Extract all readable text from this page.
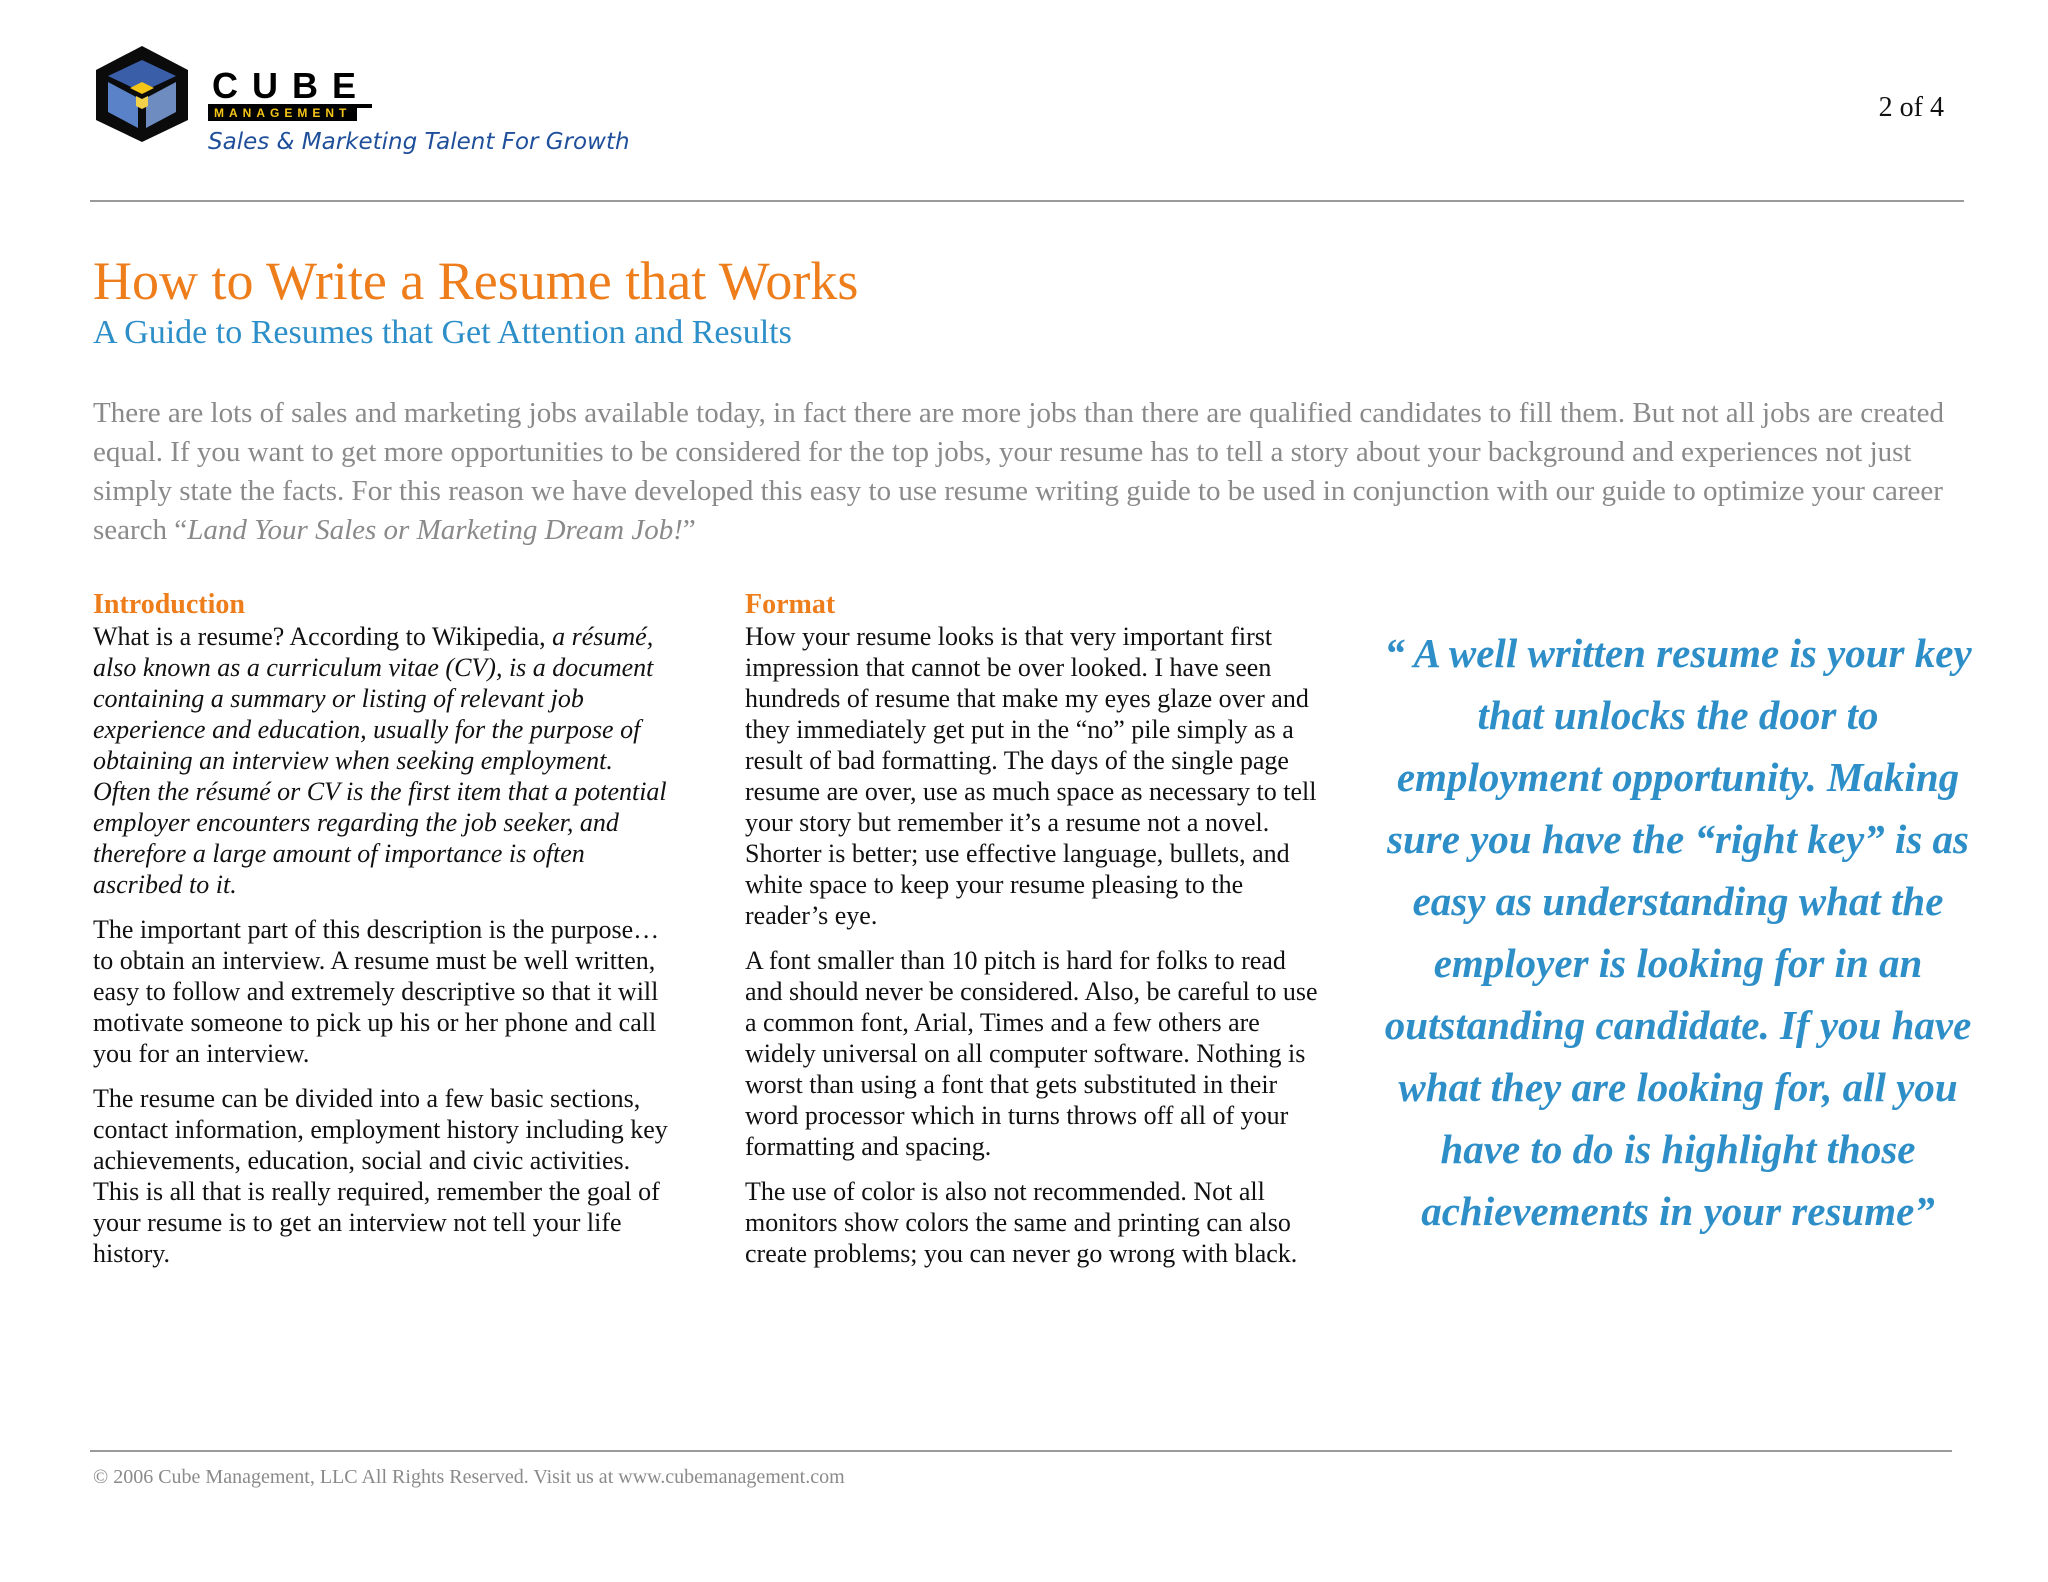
CUBE
MANAGEMENT
Sales & Marketing Talent For Growth
2 of 4
How to Write a Resume that Works
A Guide to Resumes that Get Attention and Results

There are lots of sales and marketing jobs available today, in fact there are more jobs than there are qualified candidates to fill them. But not all jobs are created equal. If you want to get more opportunities to be considered for the top jobs, your resume has to tell a story about your background and experiences not just simply state the facts. For this reason we have developed this easy to use resume writing guide to be used in conjunction with our guide to optimize your career search “Land Your Sales or Marketing Dream Job!”

Introduction

What is a resume? According to Wikipedia, a résumé, also known as a curriculum vitae (CV), is a document containing a summary or listing of relevant job experience and education, usually for the purpose of obtaining an interview when seeking employment. Often the résumé or CV is the first item that a potential employer encounters regarding the job seeker, and therefore a large amount of importance is often ascribed to it.

The important part of this description is the purpose…to obtain an interview. A resume must be well written, easy to follow and extremely descriptive so that it will motivate someone to pick up his or her phone and call you for an interview.

The resume can be divided into a few basic sections, contact information, employment history including key achievements, education, social and civic activities. This is all that is really required, remember the goal of your resume is to get an interview not tell your life history.

Format

How your resume looks is that very important first impression that cannot be over looked. I have seen hundreds of resume that make my eyes glaze over and they immediately get put in the “no” pile simply as a result of bad formatting. The days of the single page resume are over, use as much space as necessary to tell your story but remember it’s a resume not a novel. Shorter is better; use effective language, bullets, and white space to keep your resume pleasing to the reader’s eye.

A font smaller than 10 pitch is hard for folks to read and should never be considered. Also, be careful to use a common font, Arial, Times and a few others are widely universal on all computer software. Nothing is worst than using a font that gets substituted in their word processor which in turns throws off all of your formatting and spacing.

The use of color is also not recommended. Not all monitors show colors the same and printing can also create problems; you can never go wrong with black.

“ A well written resume is your key that unlocks the door to employment opportunity. Making sure you have the “right key” is as easy as understanding what the employer is looking for in an outstanding candidate. If you have what they are looking for, all you have to do is highlight those achievements in your resume”

© 2006 Cube Management, LLC All Rights Reserved. Visit us at www.cubemanagement.com
